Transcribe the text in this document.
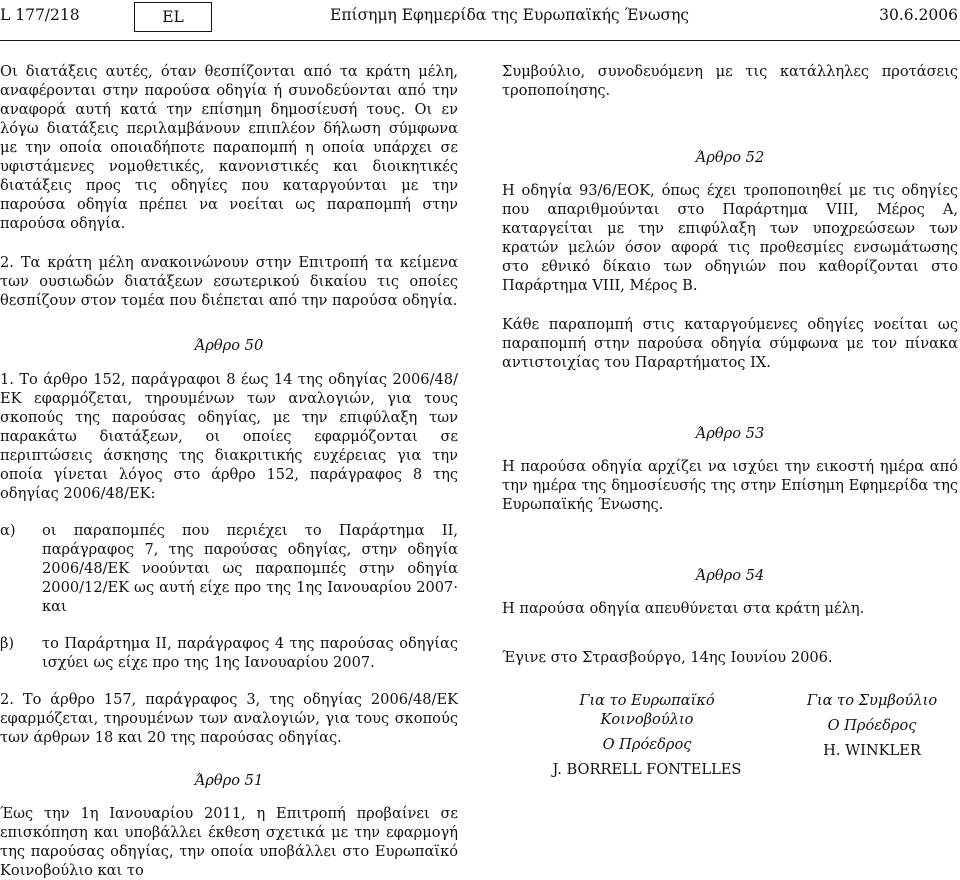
L 177/218	EL	Επίσημη Εφημερίδα της Ευρωπαϊκής Ένωσης	30.6.2006

Οι διατάξεις αυτές, όταν θεσπίζονται από τα κράτη μέλη, αναφέρονται στην παρούσα οδηγία ή συνοδεύονται από την αναφορά αυτή κατά την επίσημη δημοσίευσή τους. Οι εν λόγω διατάξεις περιλαμβάνουν επιπλέον δήλωση σύμφωνα με την οποία οποιαδήποτε παραπομπή η οποία υπάρχει σε υφιστάμενες νομοθετικές, κανονιστικές και διοικητικές διατάξεις προς τις οδηγίες που καταργούνται με την παρούσα οδηγία πρέπει να νοείται ως παραπομπή στην παρούσα οδηγία.

2. Τα κράτη μέλη ανακοινώνουν στην Επιτροπή τα κείμενα των ουσιωδών διατάξεων εσωτερικού δικαίου τις οποίες θεσπίζουν στον τομέα που διέπεται από την παρούσα οδηγία.

Άρθρο 50

1. Το άρθρο 152, παράγραφοι 8 έως 14 της οδηγίας 2006/48/ΕΚ εφαρμόζεται, τηρουμένων των αναλογιών, για τους σκοπούς της παρούσας οδηγίας, με την επιφύλαξη των παρακάτω διατάξεων, οι οποίες εφαρμόζονται σε περιπτώσεις άσκησης της διακριτικής ευχέρειας για την οποία γίνεται λόγος στο άρθρο 152, παράγραφος 8 της οδηγίας 2006/48/ΕΚ:

α)	οι παραπομπές που περιέχει το Παράρτημα II, παράγραφος 7, της παρούσας οδηγίας, στην οδηγία 2006/48/ΕΚ νοούνται ως παραπομπές στην οδηγία 2000/12/ΕΚ ως αυτή είχε προ της 1ης Ιανουαρίου 2007· και
β)	το Παράρτημα II, παράγραφος 4 της παρούσας οδηγίας ισχύει ως είχε προ της 1ης Ιανουαρίου 2007.

2. Το άρθρο 157, παράγραφος 3, της οδηγίας 2006/48/ΕΚ εφαρμόζεται, τηρουμένων των αναλογιών, για τους σκοπούς των άρθρων 18 και 20 της παρούσας οδηγίας.

Άρθρο 51

Έως την 1η Ιανουαρίου 2011, η Επιτροπή προβαίνει σε επισκόπηση και υποβάλλει έκθεση σχετικά με την εφαρμογή της παρούσας οδηγίας, την οποία υποβάλλει στο Ευρωπαϊκό Κοινοβούλιο και το

Συμβούλιο, συνοδευόμενη με τις κατάλληλες προτάσεις τροποποίησης.

Άρθρο 52

Η οδηγία 93/6/ΕΟΚ, όπως έχει τροποποιηθεί με τις οδηγίες που απαριθμούνται στο Παράρτημα VIII, Μέρος Α, καταργείται με την επιφύλαξη των υποχρεώσεων των κρατών μελών όσον αφορά τις προθεσμίες ενσωμάτωσης στο εθνικό δίκαιο των οδηγιών που καθορίζονται στο Παράρτημα VIII, Μέρος Β.

Κάθε παραπομπή στις καταργούμενες οδηγίες νοείται ως παραπομπή στην παρούσα οδηγία σύμφωνα με τον πίνακα αντιστοιχίας του Παραρτήματος IX.

Άρθρο 53

Η παρούσα οδηγία αρχίζει να ισχύει την εικοστή ημέρα από την ημέρα της δημοσίευσής της στην Επίσημη Εφημερίδα της Ευρωπαϊκής Ένωσης.

Άρθρο 54

Η παρούσα οδηγία απευθύνεται στα κράτη μέλη.

Έγινε στο Στρασβούργο, 14ης Ιουνίου 2006.

Για το Ευρωπαϊκό
Κοινοβούλιο
Ο Πρόεδρος
J. BORRELL FONTELLES
Για το Συμβούλιο
Ο Πρόεδρος
H. WINKLER
